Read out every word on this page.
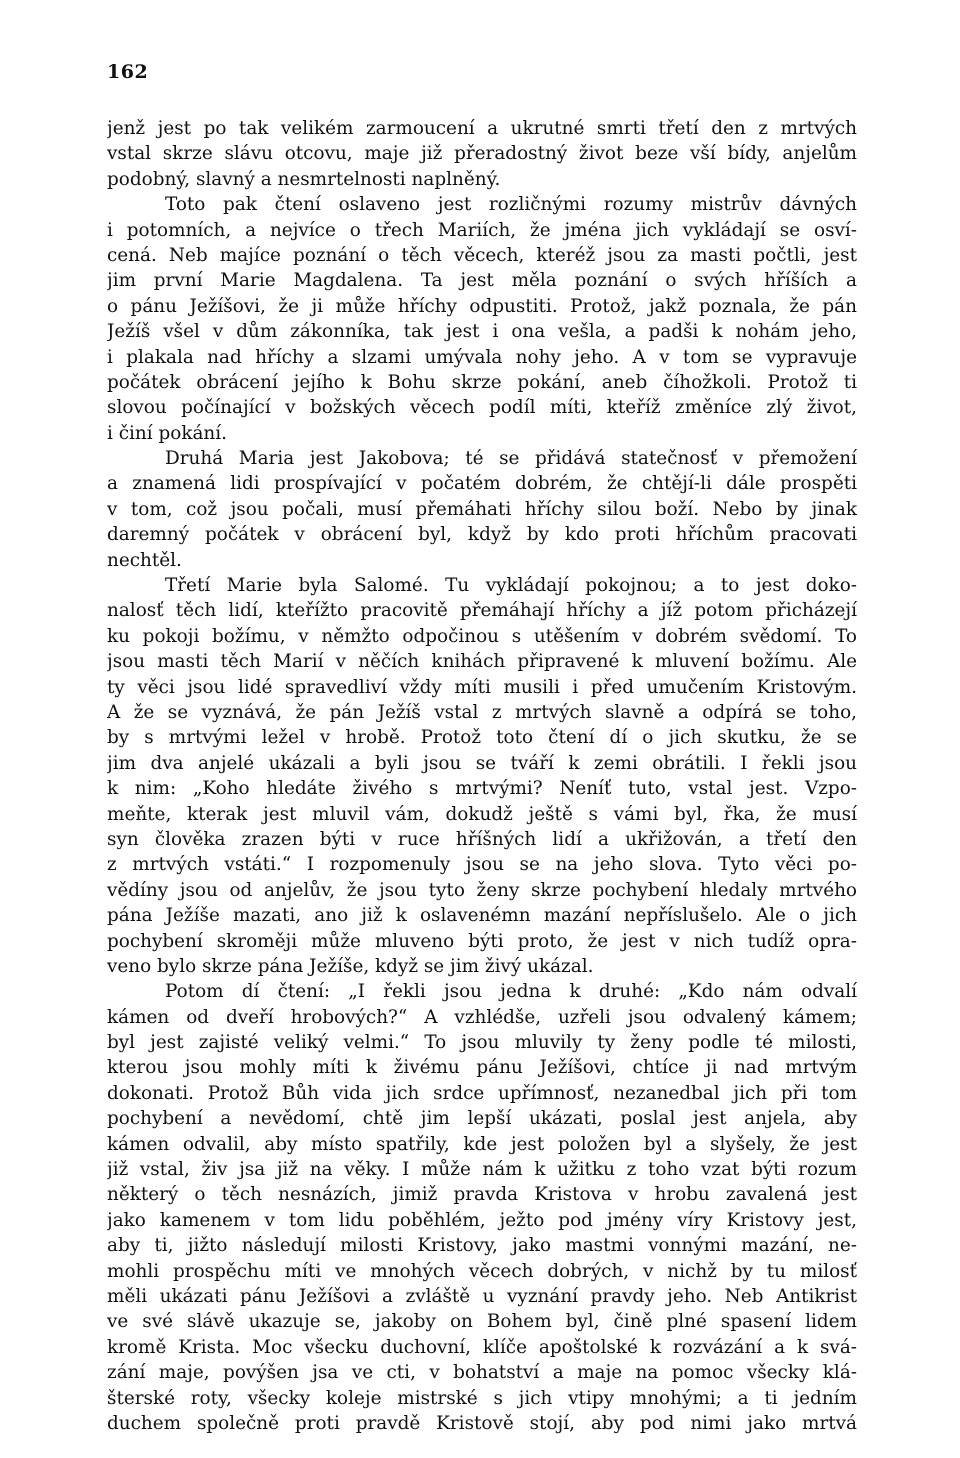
162
jenž jest po tak velikém zarmoucení a ukrutné smrti třetí den z mrtvých
vstal skrze slávu otcovu, maje již přeradostný život beze vší bídy, anjelům
podobný, slavný a nesmrtelnosti naplněný.
Toto pak čtení oslaveno jest rozličnými rozumy mistrův dávných
i potomních, a nejvíce o třech Mariích, že jména jich vykládají se osví-
cená. Neb majíce poznání o těch věcech, kteréž jsou za masti počtli, jest
jim první Marie Magdalena. Ta jest měla poznání o svých hříších a
o pánu Ježíšovi, že ji může hříchy odpustiti. Protož, jakž poznala, že pán
Ježíš všel v dům zákonníka, tak jest i ona vešla, a padši k nohám jeho,
i plakala nad hříchy a slzami umývala nohy jeho. A v tom se vypravuje
počátek obrácení jejího k Bohu skrze pokání, aneb číhožkoli. Protož ti
slovou počínající v božských věcech podíl míti, kteříž změníce zlý život,
i činí pokání.
Druhá Maria jest Jakobova; té se přidává statečnosť v přemožení
a znamená lidi prospívající v počatém dobrém, že chtějí-li dále prospěti
v tom, což jsou počali, musí přemáhati hříchy silou boží. Nebo by jinak
daremný počátek v obrácení byl, když by kdo proti hříchům pracovati
nechtěl.
Třetí Marie byla Salomé. Tu vykládají pokojnou; a to jest doko-
nalosť těch lidí, kteřížto pracovitě přemáhají hříchy a jíž potom přicházejí
ku pokoji božímu, v němžto odpočinou s utěšením v dobrém svědomí. To
jsou masti těch Marií v něčích knihách připravené k mluvení božímu. Ale
ty věci jsou lidé spravedliví vždy míti musili i před umučením Kristovým.
A že se vyznává, že pán Ježíš vstal z mrtvých slavně a odpírá se toho,
by s mrtvými ležel v hrobě. Protož toto čtení dí o jich skutku, že se
jim dva anjelé ukázali a byli jsou se tváří k zemi obrátili. I řekli jsou
k nim: „Koho hledáte živého s mrtvými? Neníť tuto, vstal jest. Vzpo-
meňte, kterak jest mluvil vám, dokudž ještě s vámi byl, řka, že musí
syn člověka zrazen býti v ruce hříšných lidí a ukřižován, a třetí den
z mrtvých vstáti.“ I rozpomenuly jsou se na jeho slova. Tyto věci po-
vědíny jsou od anjelův, že jsou tyto ženy skrze pochybení hledaly mrtvého
pána Ježíše mazati, ano již k oslavenémn mazání nepříslušelo. Ale o jich
pochybení skroměji může mluveno býti proto, že jest v nich tudíž opra-
veno bylo skrze pána Ježíše, když se jim živý ukázal.
Potom dí čtení: „I řekli jsou jedna k druhé: „Kdo nám odvalí
kámen od dveří hrobových?“ A vzhlédše, uzřeli jsou odvalený kámem;
byl jest zajisté veliký velmi.“ To jsou mluvily ty ženy podle té milosti,
kterou jsou mohly míti k živému pánu Ježíšovi, chtíce ji nad mrtvým
dokonati. Protož Bůh vida jich srdce upřímnosť, nezanedbal jich při tom
pochybení a nevědomí, chtě jim lepší ukázati, poslal jest anjela, aby
kámen odvalil, aby místo spatřily, kde jest položen byl a slyšely, že jest
již vstal, živ jsa již na věky. I může nám k užitku z toho vzat býti rozum
některý o těch nesnázích, jimiž pravda Kristova v hrobu zavalená jest
jako kamenem v tom lidu poběhlém, ježto pod jmény víry Kristovy jest,
aby ti, jižto následují milosti Kristovy, jako mastmi vonnými mazání, ne-
mohli prospěchu míti ve mnohých věcech dobrých, v nichž by tu milosť
měli ukázati pánu Ježíšovi a zvláště u vyznání pravdy jeho. Neb Antikrist
ve své slávě ukazuje se, jakoby on Bohem byl, čině plné spasení lidem
kromě Krista. Moc všecku duchovní, klíče apoštolské k rozvázání a k svá-
zání maje, povýšen jsa ve cti, v bohatství a maje na pomoc všecky klá-
šterské roty, všecky koleje mistrské s jich vtipy mnohými; a ti jedním
duchem společně proti pravdě Kristově stojí, aby pod nimi jako mrtvá
